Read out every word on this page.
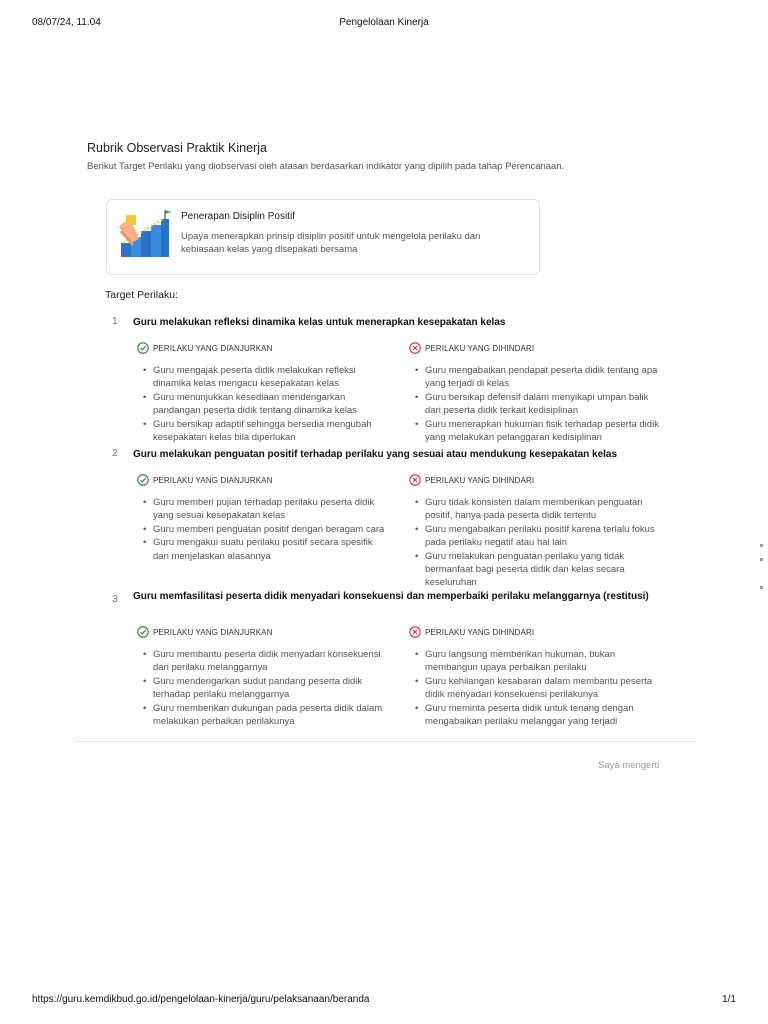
08/07/24, 11.04	Pengelolaan Kinerja
Rubrik Observasi Praktik Kinerja
Berikut Target Perilaku yang diobservasi oleh atasan berdasarkan indikator yang dipilih pada tahap Perencanaan.
Penerapan Disiplin Positif
Upaya menerapkan prinsip disiplin positif untuk mengelola perilaku dan kebiasaan kelas yang disepakati bersama
Target Perilaku:
1 Guru melakukan refleksi dinamika kelas untuk menerapkan kesepakatan kelas
PERILAKU YANG DIANJURKAN
• Guru mengajak peserta didik melakukan refleksi dinamika kelas mengacu kesepakatan kelas
• Guru menunjukkan kesediaan mendengarkan pandangan peserta didik tentang dinamika kelas
• Guru bersikap adaptif sehingga bersedia mengubah kesepakatan kelas bila diperlukan
PERILAKU YANG DIHINDARI
• Guru mengabaikan pendapat peserta didik tentang apa yang terjadi di kelas
• Guru bersikap defensif dalam menyikapi umpan balik dari peserta didik terkait kedisiplinan
• Guru menerapkan hukuman fisik terhadap peserta didik yang melakukan pelanggaran kedisiplinan
2 Guru melakukan penguatan positif terhadap perilaku yang sesuai atau mendukung kesepakatan kelas
PERILAKU YANG DIANJURKAN
• Guru memberi pujian terhadap perilaku peserta didik yang sesuai kesepakatan kelas
• Guru memberi penguatan positif dengan beragam cara
• Guru mengakui suatu perilaku positif secara spesifik dan menjelaskan alasannya
PERILAKU YANG DIHINDARI
• Guru tidak konsisten dalam memberikan penguatan positif, hanya pada peserta didik tertentu
• Guru mengabaikan perilaku positif karena terlalu fokus pada perilaku negatif atau hal lain
• Guru melakukan penguatan perilaku yang tidak bermanfaat bagi peserta didik dan kelas secara keseluruhan
3 Guru memfasilitasi peserta didik menyadari konsekuensi dan memperbaiki perilaku melanggarnya (restitusi)
PERILAKU YANG DIANJURKAN
• Guru membantu peserta didik menyadari konsekuensi dari perilaku melanggarnya
• Guru mendengarkan sudut pandang peserta didik terhadap perilaku melanggarnya
• Guru memberikan dukungan pada peserta didik dalam melakukan perbaikan perilakunya
PERILAKU YANG DIHINDARI
• Guru langsung memberikan hukuman, bukan membangun upaya perbaikan perilaku
• Guru kehilangan kesabaran dalam membantu peserta didik menyadari konsekuensi perilakunya
• Guru meminta peserta didik untuk tenang dengan mengabaikan perilaku melanggar yang terjadi
Saya mengerti
https://guru.kemdikbud.go.id/pengelolaan-kinerja/guru/pelaksanaan/beranda	1/1
